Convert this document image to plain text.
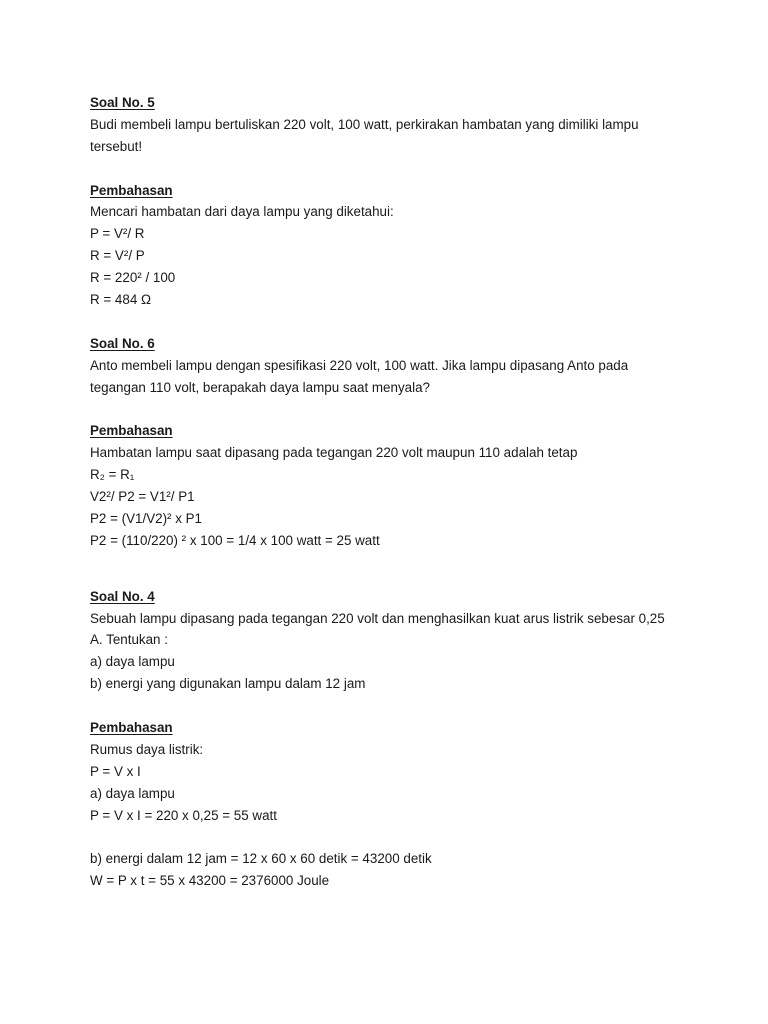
Soal No. 5
Budi membeli lampu bertuliskan 220 volt, 100 watt, perkirakan hambatan yang dimiliki lampu
tersebut!
Pembahasan
Mencari hambatan dari daya lampu yang diketahui:
P = V²/ R
R = V²/ P
R = 220² / 100
R = 484 Ω
Soal No. 6
Anto membeli lampu dengan spesifikasi 220 volt, 100 watt. Jika lampu dipasang Anto pada
tegangan 110 volt, berapakah daya lampu saat menyala?
Pembahasan
Hambatan lampu saat dipasang pada tegangan 220 volt maupun 110 adalah tetap
R₂ = R₁
V2²/ P2 = V1²/ P1
P2 = (V1/V2)² x P1
P2 = (110/220) ² x 100 = 1/4 x 100 watt = 25 watt
Soal No. 4
Sebuah lampu dipasang pada tegangan 220 volt dan menghasilkan kuat arus listrik sebesar 0,25
A. Tentukan :
a) daya lampu
b) energi yang digunakan lampu dalam 12 jam
Pembahasan
Rumus daya listrik:
P = V x I
a) daya lampu
P = V x I = 220 x 0,25 = 55 watt
b) energi dalam 12 jam = 12 x 60 x 60 detik = 43200 detik
W = P x t = 55 x 43200 = 2376000 Joule
